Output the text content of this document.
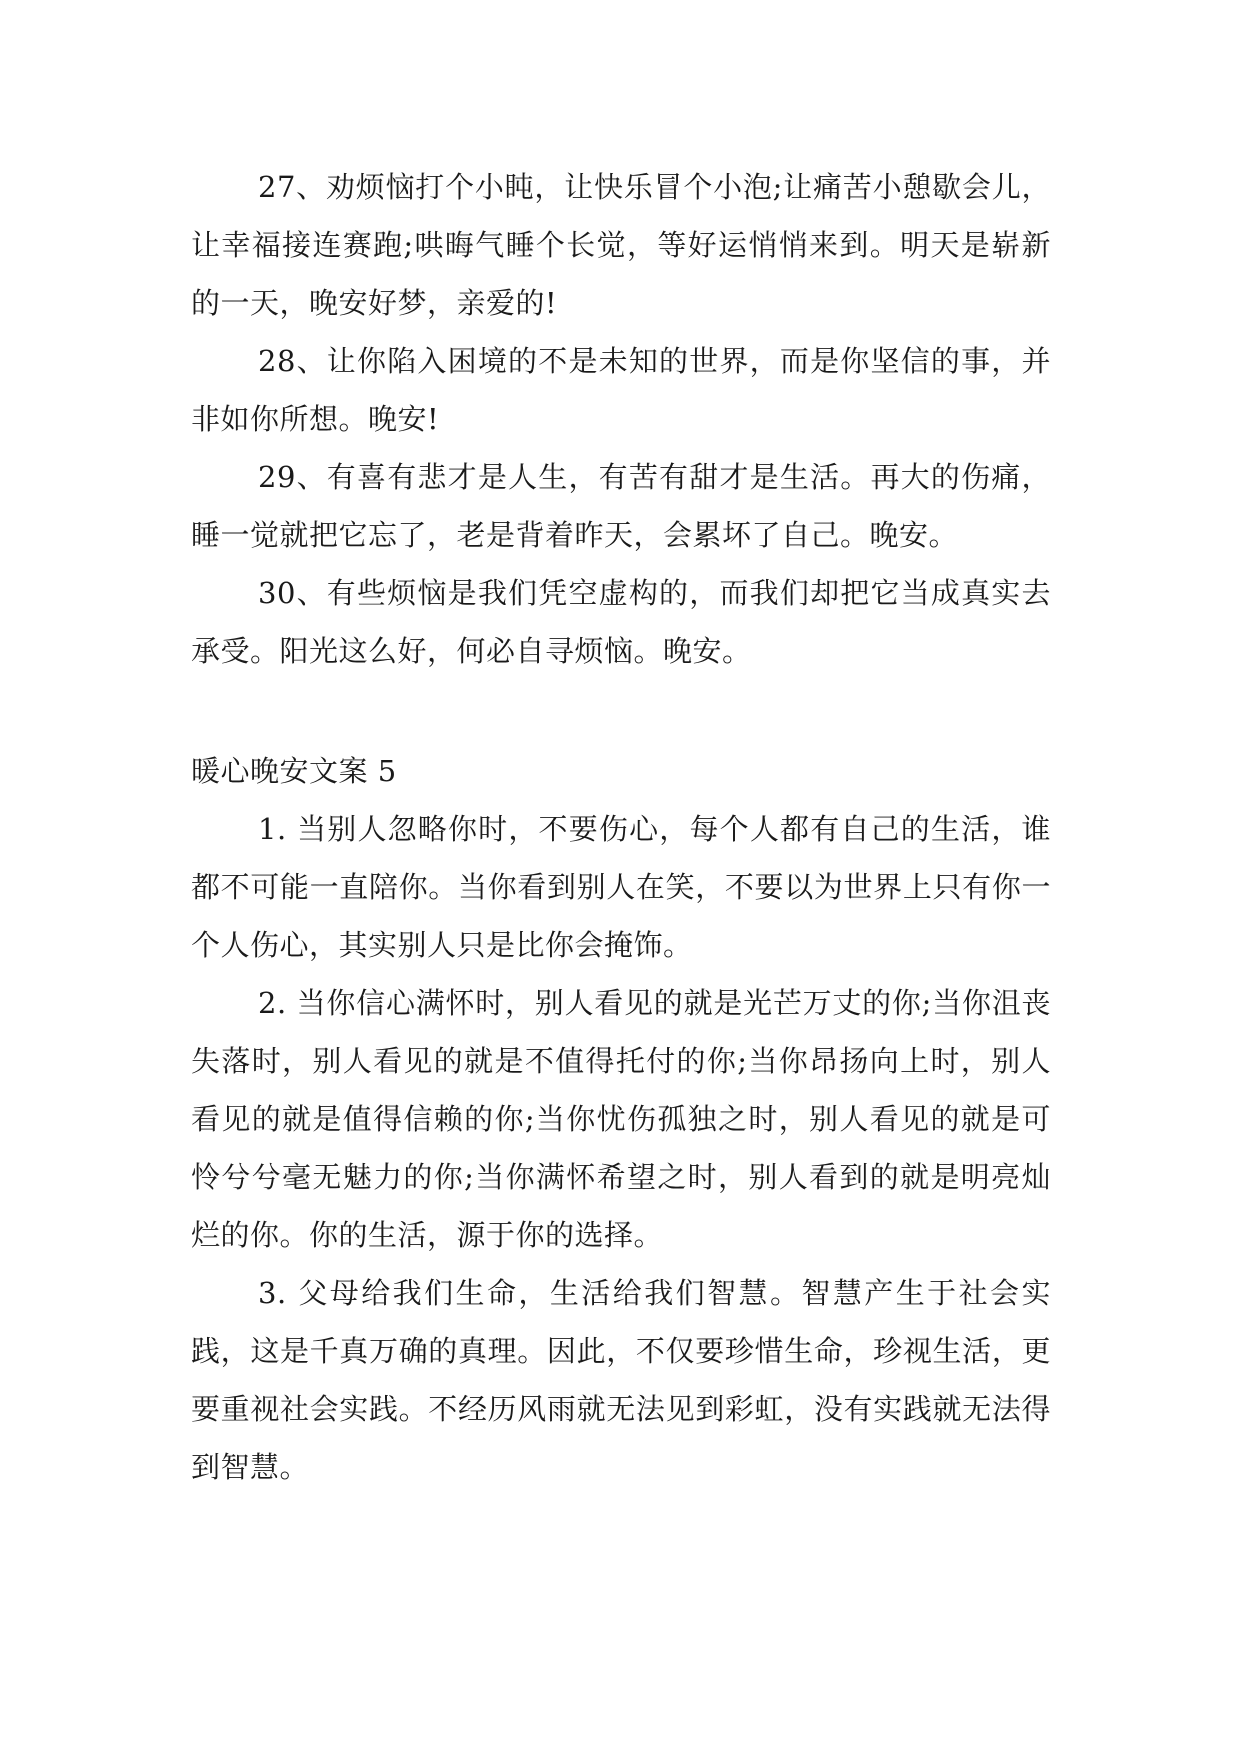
27、劝烦恼打个小盹，让快乐冒个小泡;让痛苦小憩歇会儿，让幸福接连赛跑;哄晦气睡个长觉，等好运悄悄来到。明天是崭新的一天，晚安好梦，亲爱的!

28、让你陷入困境的不是未知的世界，而是你坚信的事，并非如你所想。晚安!

29、有喜有悲才是人生，有苦有甜才是生活。再大的伤痛，睡一觉就把它忘了，老是背着昨天，会累坏了自己。晚安。

30、有些烦恼是我们凭空虚构的，而我们却把它当成真实去承受。阳光这么好，何必自寻烦恼。晚安。

暖心晚安文案 5

1. 当别人忽略你时，不要伤心，每个人都有自己的生活，谁都不可能一直陪你。当你看到别人在笑，不要以为世界上只有你一个人伤心，其实别人只是比你会掩饰。

2. 当你信心满怀时，别人看见的就是光芒万丈的你;当你沮丧失落时，别人看见的就是不值得托付的你;当你昂扬向上时，别人看见的就是值得信赖的你;当你忧伤孤独之时，别人看见的就是可怜兮兮毫无魅力的你;当你满怀希望之时，别人看到的就是明亮灿烂的你。你的生活，源于你的选择。

3. 父母给我们生命，生活给我们智慧。智慧产生于社会实践，这是千真万确的真理。因此，不仅要珍惜生命，珍视生活，更要重视社会实践。不经历风雨就无法见到彩虹，没有实践就无法得到智慧。
